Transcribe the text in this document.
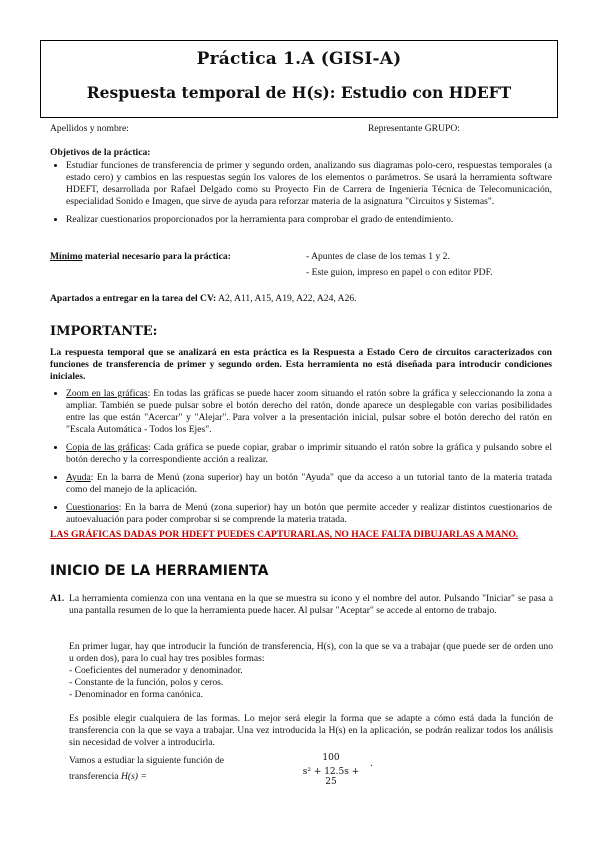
Práctica 1.A (GISI-A)
Respuesta temporal de H(s): Estudio con HDEFT
Apellidos y nombre:	Representante GRUPO:
Objetivos de la práctica:
• Estudiar funciones de transferencia de primer y segundo orden, analizando sus diagramas polo-cero, respuestas temporales (a estado cero) y cambios en las respuestas según los valores de los elementos o parámetros. Se usará la herramienta software HDEFT, desarrollada por Rafael Delgado como su Proyecto Fin de Carrera de Ingeniería Técnica de Telecomunicación, especialidad Sonido e Imagen, que sirve de ayuda para reforzar materia de la asignatura "Circuitos y Sistemas".
• Realizar cuestionarios proporcionados por la herramienta para comprobar el grado de entendimiento.
Mínimo material necesario para la práctica:	- Apuntes de clase de los temas 1 y 2.
- Este guion, impreso en papel o con editor PDF.
Apartados a entregar en la tarea del CV: A2, A11, A15, A19, A22, A24, A26.
IMPORTANTE:
La respuesta temporal que se analizará en esta práctica es la Respuesta a Estado Cero de circuitos caracterizados con funciones de transferencia de primer y segundo orden. Esta herramienta no está diseñada para introducir condiciones iniciales.
• Zoom en las gráficas: En todas las gráficas se puede hacer zoom situando el ratón sobre la gráfica y seleccionando la zona a ampliar. También se puede pulsar sobre el botón derecho del ratón, donde aparece un desplegable con varias posibilidades entre las que están "Acercar" y "Alejar". Para volver a la presentación inicial, pulsar sobre el botón derecho del ratón en "Escala Automática - Todos los Ejes".
• Copia de las gráficas: Cada gráfica se puede copiar, grabar o imprimir situando el ratón sobre la gráfica y pulsando sobre el botón derecho y la correspondiente acción a realizar.
• Ayuda: En la barra de Menú (zona superior) hay un botón "Ayuda" que da acceso a un tutorial tanto de la materia tratada como del manejo de la aplicación.
• Cuestionarios: En la barra de Menú (zona superior) hay un botón que permite acceder y realizar distintos cuestionarios de autoevaluación para poder comprobar si se comprende la materia tratada.
LAS GRÁFICAS DADAS POR HDEFT PUEDES CAPTURARLAS, NO HACE FALTA DIBUJARLAS A MANO.
INICIO DE LA HERRAMIENTA
A1. La herramienta comienza con una ventana en la que se muestra su icono y el nombre del autor. Pulsando "Iniciar" se pasa a una pantalla resumen de lo que la herramienta puede hacer. Al pulsar "Aceptar" se accede al entorno de trabajo.
En primer lugar, hay que introducir la función de transferencia, H(s), con la que se va a trabajar (que puede ser de orden uno u orden dos), para lo cual hay tres posibles formas:
- Coeficientes del numerador y denominador.
- Constante de la función, polos y ceros.
- Denominador en forma canónica.
Es posible elegir cualquiera de las formas. Lo mejor será elegir la forma que se adapte a cómo está dada la función de transferencia con la que se vaya a trabajar. Una vez introducida la H(s) en la aplicación, se podrán realizar todos los análisis sin necesidad de volver a introducirla.
Vamos a estudiar la siguiente función de
transferencia H(s) =
100
s² + 12.5s + 25
.
